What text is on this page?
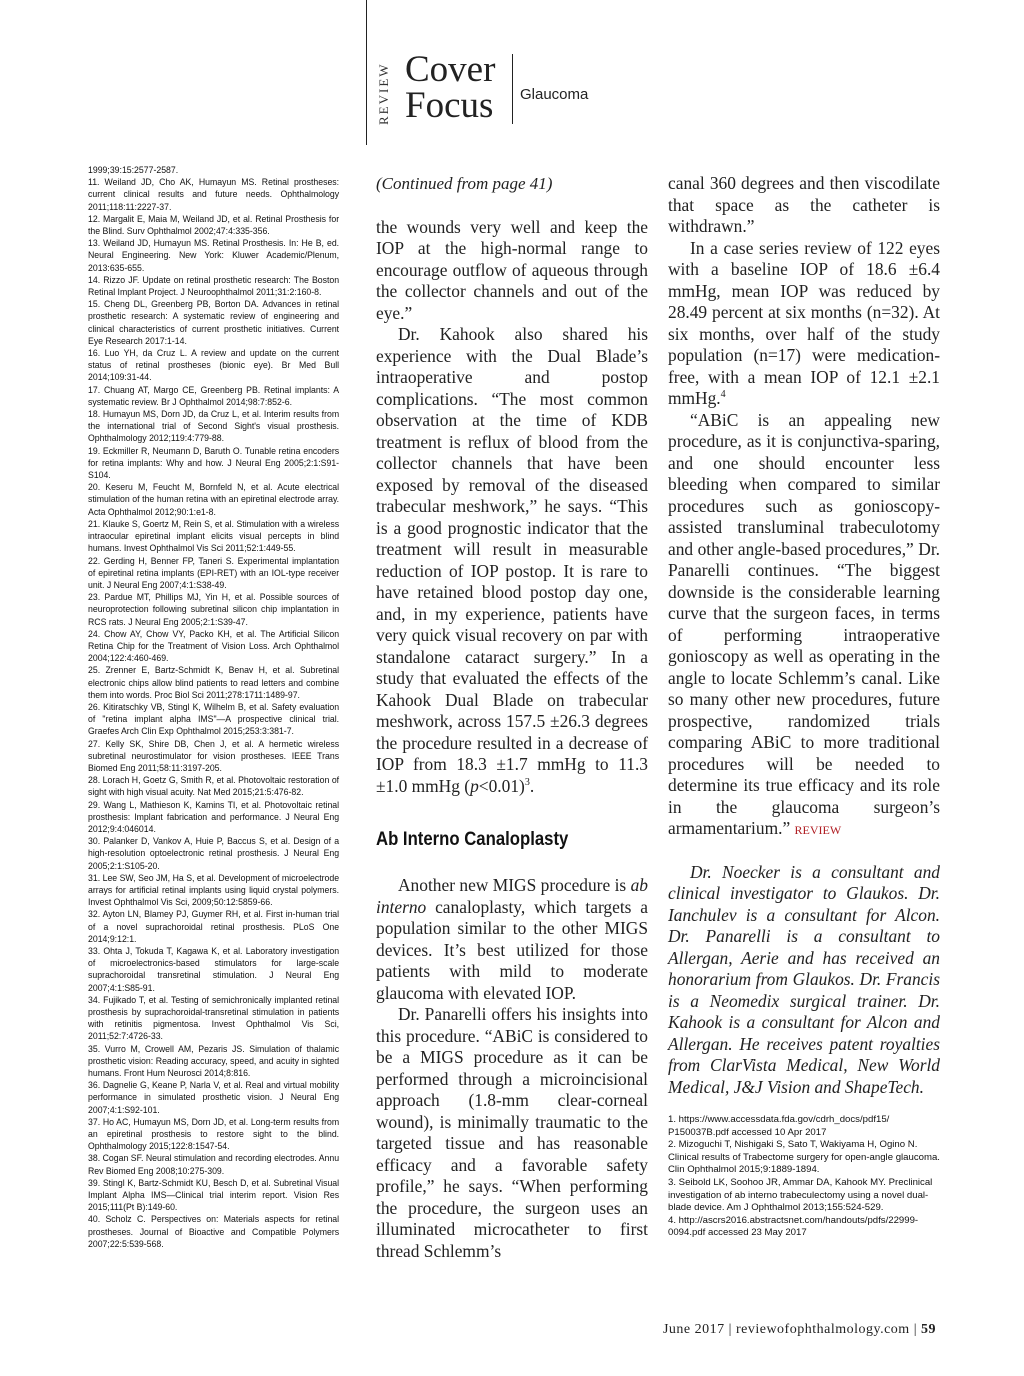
REVIEW Cover
Focus Glaucoma
1999;39:15:2577-2587.
11. Weiland JD, Cho AK, Humayun MS. Retinal prostheses: current clinical results and future needs. Ophthalmology 2011;118:11:2227-37.
12. Margalit E, Maia M, Weiland JD, et al. Retinal Prosthesis for the Blind. Surv Ophthalmol 2002;47:4:335-356.
13. Weiland JD, Humayun MS. Retinal Prosthesis. In: He B, ed. Neural Engineering. New York: Kluwer Academic/Plenum, 2013:635-655.
14. Rizzo JF. Update on retinal prosthetic research: The Boston Retinal Implant Project. J Neuroophthalmol 2011;31:2:160-8.
15. Cheng DL, Greenberg PB, Borton DA. Advances in retinal prosthetic research: A systematic review of engineering and clinical characteristics of current prosthetic initiatives. Current Eye Research 2017:1-14.
16. Luo YH, da Cruz L. A review and update on the current status of retinal prostheses (bionic eye). Br Med Bull 2014;109:31-44.
17. Chuang AT, Margo CE, Greenberg PB. Retinal implants: A systematic review. Br J Ophthalmol 2014;98:7:852-6.
18. Humayun MS, Dorn JD, da Cruz L, et al. Interim results from the international trial of Second Sight's visual prosthesis. Ophthalmology 2012;119:4:779-88.
19. Eckmiller R, Neumann D, Baruth O. Tunable retina encoders for retina implants: Why and how. J Neural Eng 2005;2:1:S91-S104.
20. Keseru M, Feucht M, Bornfeld N, et al. Acute electrical stimulation of the human retina with an epiretinal electrode array. Acta Ophthalmol 2012;90:1:e1-8.
21. Klauke S, Goertz M, Rein S, et al. Stimulation with a wireless intraocular epiretinal implant elicits visual percepts in blind humans. Invest Ophthalmol Vis Sci 2011;52:1:449-55.
22. Gerding H, Benner FP, Taneri S. Experimental implantation of epiretinal retina implants (EPI-RET) with an IOL-type receiver unit. J Neural Eng 2007;4:1:S38-49.
23. Pardue MT, Phillips MJ, Yin H, et al. Possible sources of neuroprotection following subretinal silicon chip implantation in RCS rats. J Neural Eng 2005;2:1:S39-47.
24. Chow AY, Chow VY, Packo KH, et al. The Artificial Silicon Retina Chip for the Treatment of Vision Loss. Arch Ophthalmol 2004;122:4:460-469.
25. Zrenner E, Bartz-Schmidt K, Benav H, et al. Subretinal electronic chips allow blind patients to read letters and combine them into words. Proc Biol Sci 2011;278:1711:1489-97.
26. Kitiratschky VB, Stingl K, Wilhelm B, et al. Safety evaluation of "retina implant alpha IMS"—A prospective clinical trial. Graefes Arch Clin Exp Ophthalmol 2015;253:3:381-7.
27. Kelly SK, Shire DB, Chen J, et al. A hermetic wireless subretinal neurostimulator for vision prostheses. IEEE Trans Biomed Eng 2011;58:11:3197-205.
28. Lorach H, Goetz G, Smith R, et al. Photovoltaic restoration of sight with high visual acuity. Nat Med 2015;21:5:476-82.
29. Wang L, Mathieson K, Kamins TI, et al. Photovoltaic retinal prosthesis: Implant fabrication and performance. J Neural Eng 2012;9:4:046014.
30. Palanker D, Vankov A, Huie P, Baccus S, et al. Design of a high-resolution optoelectronic retinal prosthesis. J Neural Eng 2005;2:1:S105-20.
31. Lee SW, Seo JM, Ha S, et al. Development of microelectrode arrays for artificial retinal implants using liquid crystal polymers. Invest Ophthalmol Vis Sci, 2009;50:12:5859-66.
32. Ayton LN, Blamey PJ, Guymer RH, et al. First in-human trial of a novel suprachoroidal retinal prosthesis. PLoS One 2014;9:12:1.
33. Ohta J, Tokuda T, Kagawa K, et al. Laboratory investigation of microelectronics-based stimulators for large-scale suprachoroidal transretinal stimulation. J Neural Eng 2007;4:1:S85-91.
34. Fujikado T, et al. Testing of semichronically implanted retinal prosthesis by suprachoroidal-transretinal stimulation in patients with retinitis pigmentosa. Invest Ophthalmol Vis Sci, 2011;52:7:4726-33.
35. Vurro M, Crowell AM, Pezaris JS. Simulation of thalamic prosthetic vision: Reading accuracy, speed, and acuity in sighted humans. Front Hum Neurosci 2014;8:816.
36. Dagnelie G, Keane P, Narla V, et al. Real and virtual mobility performance in simulated prosthetic vision. J Neural Eng 2007;4:1:S92-101.
37. Ho AC, Humayun MS, Dorn JD, et al. Long-term results from an epiretinal prosthesis to restore sight to the blind. Ophthalmology 2015;122:8:1547-54.
38. Cogan SF. Neural stimulation and recording electrodes. Annu Rev Biomed Eng 2008;10:275-309.
39. Stingl K, Bartz-Schmidt KU, Besch D, et al. Subretinal Visual Implant Alpha IMS—Clinical trial interim report. Vision Res 2015;111(Pt B):149-60.
40. Scholz C. Perspectives on: Materials aspects for retinal prostheses. Journal of Bioactive and Compatible Polymers 2007;22:5:539-568.

(Continued from page 41)

the wounds very well and keep the IOP at the high-normal range to encourage outflow of aqueous through the collector channels and out of the eye.”

Dr. Kahook also shared his experience with the Dual Blade’s intraoperative and postop complications. “The most common observation at the time of KDB treatment is reflux of blood from the collector channels that have been exposed by removal of the diseased trabecular meshwork,” he says. “This is a good prognostic indicator that the treatment will result in measurable reduction of IOP postop. It is rare to have retained blood postop day one, and, in my experience, patients have very quick visual recovery on par with standalone cataract surgery.” In a study that evaluated the effects of the Kahook Dual Blade on trabecular meshwork, across 157.5 ±26.3 degrees the procedure resulted in a decrease of IOP from 18.3 ±1.7 mmHg to 11.3 ±1.0 mmHg (p<0.01)$^3$.

Ab Interno Canaloplasty

Another new MIGS procedure is ab interno canaloplasty, which targets a population similar to the other MIGS devices. It’s best utilized for those patients with mild to moderate glaucoma with elevated IOP.

Dr. Panarelli offers his insights into this procedure. “ABiC is considered to be a MIGS procedure as it can be performed through a microincisional approach (1.8-mm clear-corneal wound), is minimally traumatic to the targeted tissue and has reasonable efficacy and a favorable safety profile,” he says. “When performing the procedure, the surgeon uses an illuminated microcatheter to first thread Schlemm’s

canal 360 degrees and then viscodilate that space as the catheter is withdrawn.”

In a case series review of 122 eyes with a baseline IOP of 18.6 ±6.4 mmHg, mean IOP was reduced by 28.49 percent at six months (n=32). At six months, over half of the study population (n=17) were medication-free, with a mean IOP of 12.1 ±2.1 mmHg.$^4$

“ABiC is an appealing new procedure, as it is conjunctiva-sparing, and one should encounter less bleeding when compared to similar procedures such as gonioscopy-assisted transluminal trabeculotomy and other angle-based procedures,” Dr. Panarelli continues. “The biggest downside is the considerable learning curve that the surgeon faces, in terms of performing intraoperative gonioscopy as well as operating in the angle to locate Schlemm’s canal. Like so many other new procedures, future prospective, randomized trials comparing ABiC to more traditional procedures will be needed to determine its true efficacy and its role in the glaucoma surgeon’s armamentarium.” REVIEW

Dr. Noecker is a consultant and clinical investigator to Glaukos. Dr. Ianchulev is a consultant for Alcon. Dr. Panarelli is a consultant to Allergan, Aerie and has received an honorarium from Glaukos. Dr. Francis is a Neomedix surgical trainer. Dr. Kahook is a consultant for Alcon and Allergan. He receives patent royalties from ClarVista Medical, New World Medical, J&J Vision and ShapeTech.

1. https://www.accessdata.fda.gov/cdrh_docs/pdf15/ P150037B.pdf accessed 10 Apr 2017
2. Mizoguchi T, Nishigaki S, Sato T, Wakiyama H, Ogino N. Clinical results of Trabectome surgery for open-angle glaucoma. Clin Ophthalmol 2015;9:1889-1894.
3. Seibold LK, Soohoo JR, Ammar DA, Kahook MY. Preclinical investigation of ab interno trabeculectomy using a novel dual-blade device. Am J Ophthalmol 2013;155:524-529.
4. http://ascrs2016.abstractsnet.com/handouts/pdfs/22999-0094.pdf accessed 23 May 2017
June 2017 | reviewofophthalmology.com | 59
